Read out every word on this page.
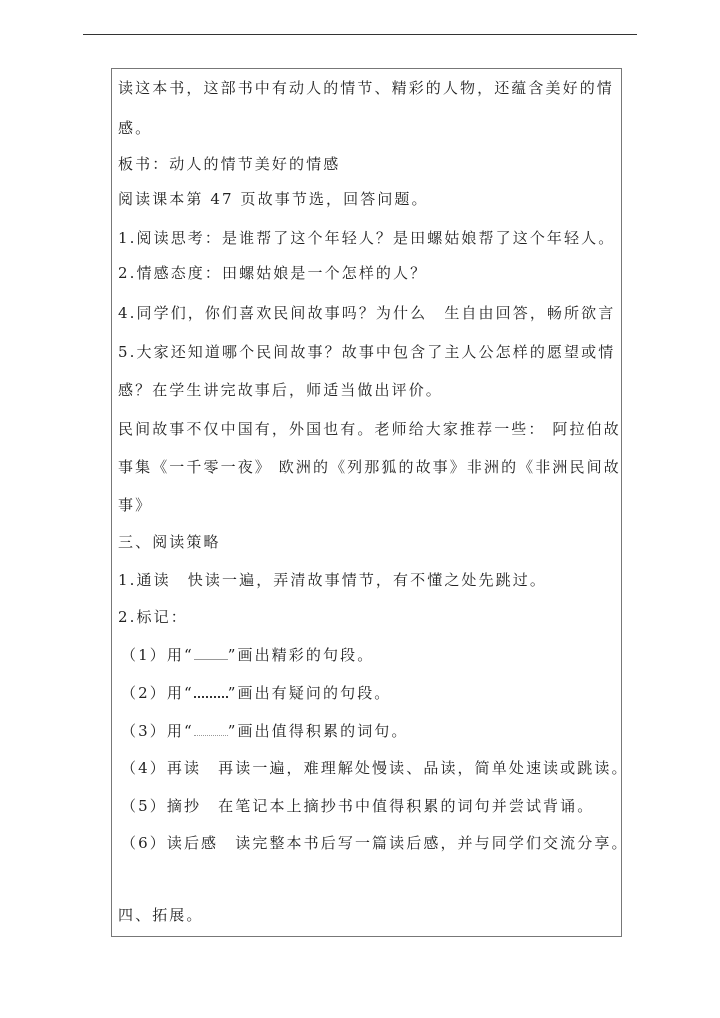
读这本书，这部书中有动人的情节、精彩的人物，还蕴含美好的情
感。
板书：动人的情节美好的情感
阅读课本第 47 页故事节选，回答问题。
1.阅读思考：是谁帮了这个年轻人？是田螺姑娘帮了这个年轻人。
2.情感态度：田螺姑娘是一个怎样的人？
4.同学们，你们喜欢民间故事吗？为什么　生自由回答，畅所欲言
5.大家还知道哪个民间故事？故事中包含了主人公怎样的愿望或情
感？在学生讲完故事后，师适当做出评价。
民间故事不仅中国有，外国也有。老师给大家推荐一些： 阿拉伯故
事集《一千零一夜》 欧洲的《列那狐的故事》非洲的《非洲民间故
事》
三、阅读策略
1.通读　快读一遍，弄清故事情节，有不懂之处先跳过。
2.标记：
（1）用“ ”画出精彩的句段。
（2）用“ ”画出有疑问的句段。
（3）用“ ”画出值得积累的词句。
（4）再读　再读一遍，难理解处慢读、品读，简单处速读或跳读。
（5）摘抄　在笔记本上摘抄书中值得积累的词句并尝试背诵。
（6）读后感　读完整本书后写一篇读后感，并与同学们交流分享。
四、拓展。
